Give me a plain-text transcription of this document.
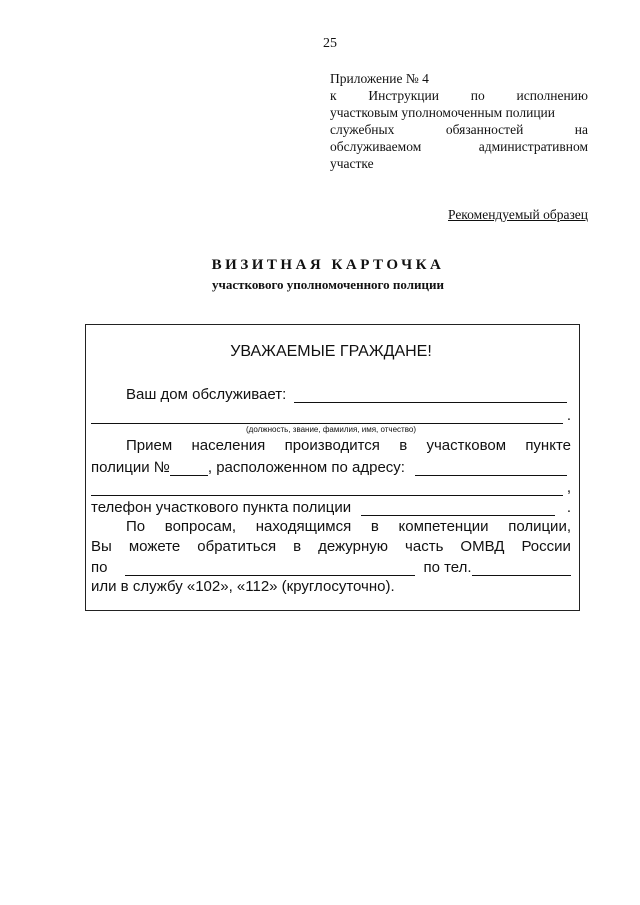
25
Приложение № 4
к Инструкции по исполнению
участковым уполномоченным полиции
служебных	обязанностей	на
обслуживаемом	административном
участке
Рекомендуемый образец
ВИЗИТНАЯ КАРТОЧКА
участкового уполномоченного полиции
УВАЖАЕМЫЕ ГРАЖДАНЕ!
Ваш дом обслуживает:
.
(должность, звание, фамилия, имя, отчество)
Прием населения производится в участковом пункте
полиции №	, расположенном по адресу:
,
телефон участкового пункта полиции	.
По вопросам, находящимся в компетенции полиции,
Вы можете обратиться в дежурную часть ОМВД России
по	по тел.
или в службу «102», «112» (круглосуточно).
